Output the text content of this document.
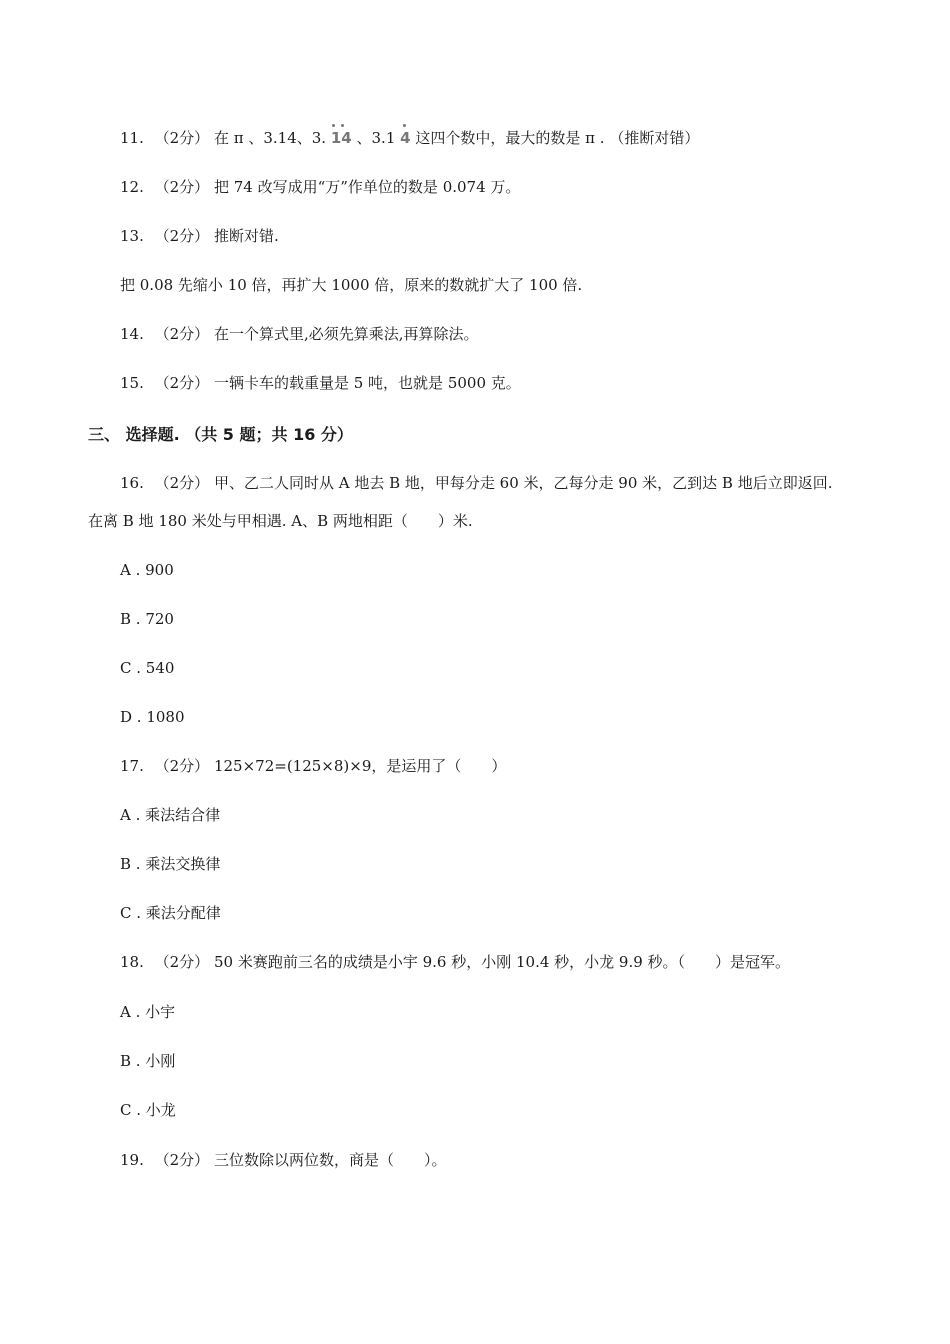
11. （2分） 在 π 、3.14、3. 14 、3.1 4 这四个数中，最大的数是 π . （推断对错）
12. （2分） 把 74 改写成用“万”作单位的数是 0.074 万。
13. （2分） 推断对错.
把 0.08 先缩小 10 倍，再扩大 1000 倍，原来的数就扩大了 100 倍.
14. （2分） 在一个算式里,必须先算乘法,再算除法。
15. （2分） 一辆卡车的载重量是 5 吨，也就是 5000 克。
三、 选择题. （共 5 题；共 16 分）
16. （2分） 甲、乙二人同时从 A 地去 B 地，甲每分走 60 米，乙每分走 90 米，乙到达 B 地后立即返回.
在离 B 地 180 米处与甲相遇. A、B 两地相距（　　）米.
A . 900
B . 720
C . 540
D . 1080
17. （2分） 125×72=(125×8)×9，是运用了（　　）
A . 乘法结合律
B . 乘法交换律
C . 乘法分配律
18. （2分） 50 米赛跑前三名的成绩是小宇 9.6 秒，小刚 10.4 秒，小龙 9.9 秒。（　　）是冠军。
A . 小宇
B . 小刚
C . 小龙
19. （2分） 三位数除以两位数，商是（　　）。
